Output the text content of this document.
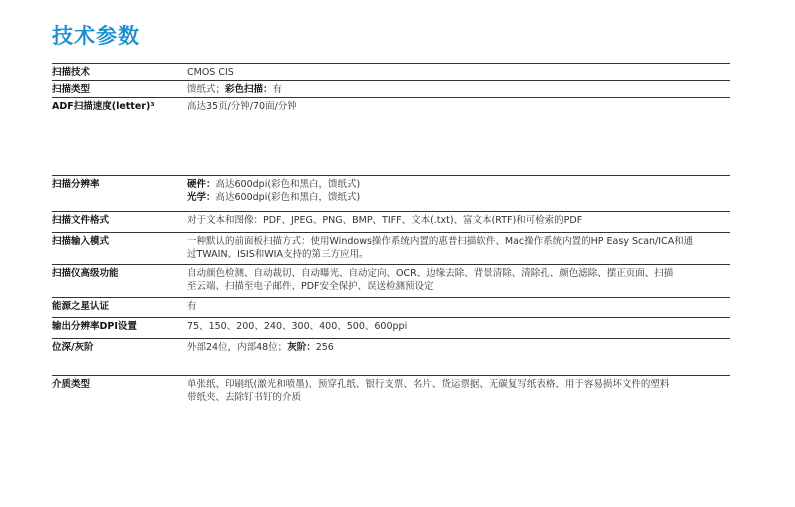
技术参数
扫描技术	CMOS CIS
扫描类型	馈纸式；彩色扫描：有
ADF扫描速度(letter)³	高达35页/分钟/70面/分钟
扫描分辨率	硬件：高达600dpi(彩色和黑白，馈纸式)
光学：高达600dpi(彩色和黑白，馈纸式)
扫描文件格式	对于文本和图像：PDF、JPEG、PNG、BMP、TIFF、文本(.txt)、富文本(RTF)和可检索的PDF
扫描输入模式	一种默认的前面板扫描方式：使用Windows操作系统内置的惠普扫描软件、Mac操作系统内置的HP Easy Scan/ICA和通
过TWAIN、ISIS和WIA支持的第三方应用。
扫描仪高级功能	自动颜色检测、自动裁切、自动曝光、自动定向、OCR、边缘去除、背景清除、清除孔、颜色滤除、摆正页面、扫描
至云端、扫描至电子邮件、PDF安全保护、误送检测预设定
能源之星认证	有
输出分辨率DPI设置	75、150、200、240、300、400、500、600ppi
位深/灰阶	外部24位，内部48位；灰阶：256
介质类型	单张纸、印刷纸(激光和喷墨)、预穿孔纸、银行支票、名片、货运票据、无碳复写纸表格、用于容易损坏文件的塑料
带纸夹、去除钉书钉的介质
